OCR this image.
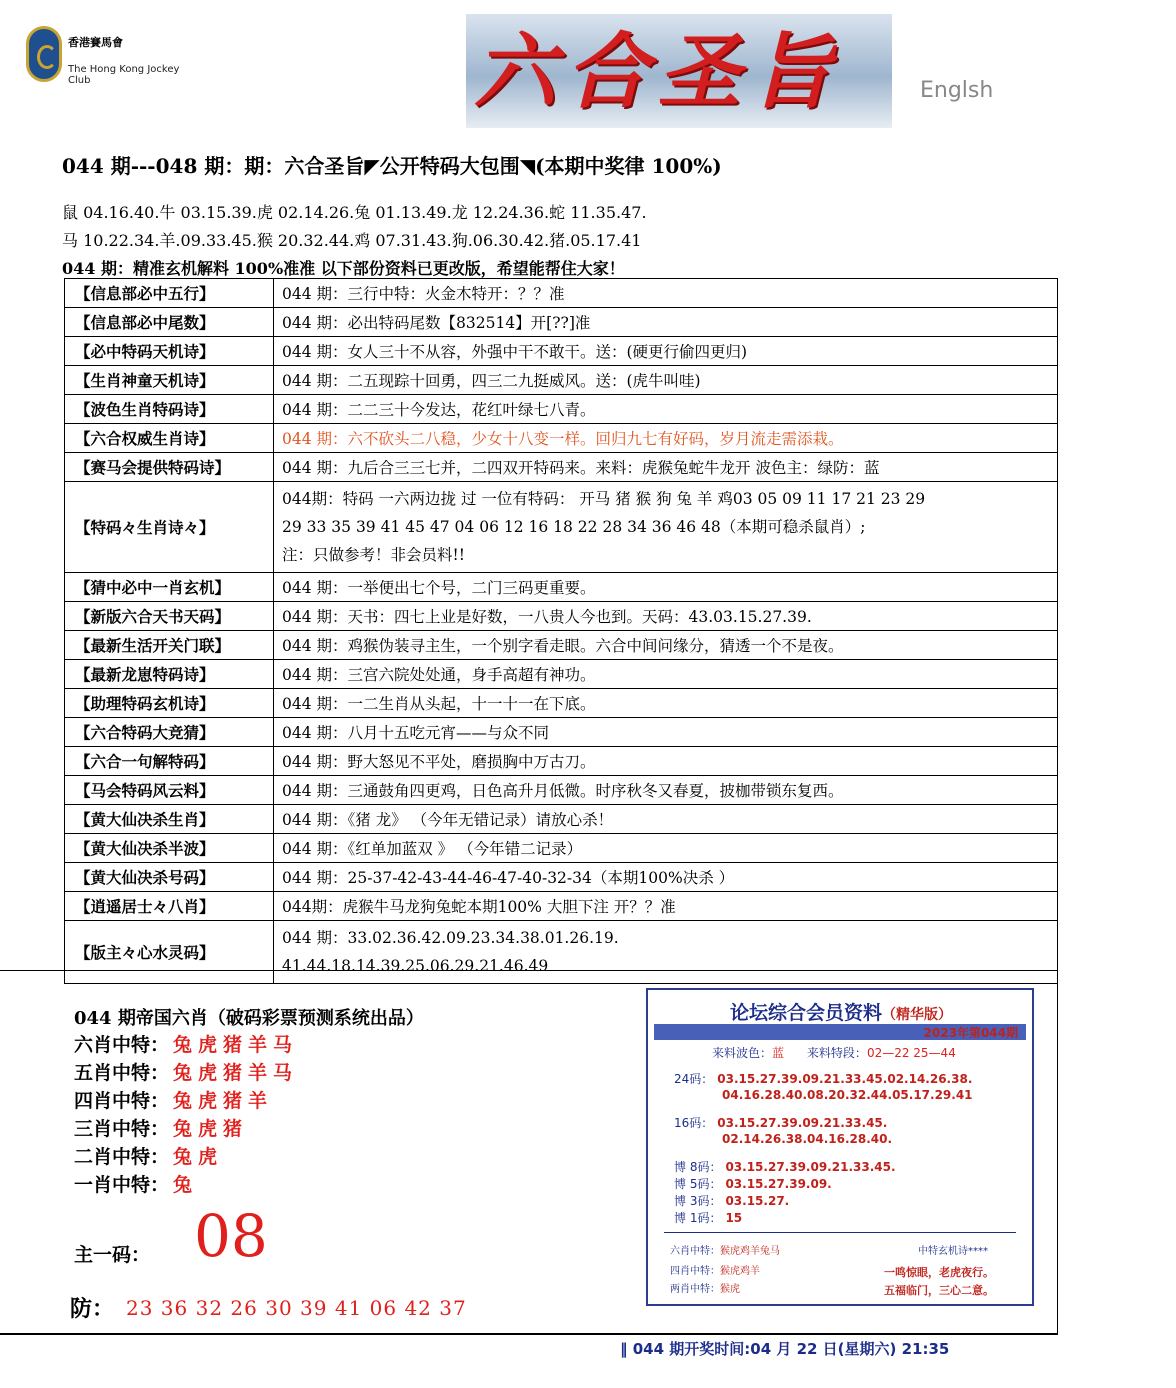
香港賽馬會
The Hong Kong Jockey Club	六合圣旨	Englsh
044 期---048 期：期：六合圣旨◤公开特码大包围◥(本期中奖律 100%)
鼠 04.16.40.牛 03.15.39.虎 02.14.26.兔 01.13.49.龙 12.24.36.蛇 11.35.47.
马 10.22.34.羊.09.33.45.猴 20.32.44.鸡 07.31.43.狗.06.30.42.猪.05.17.41
044 期：精准玄机解料 100%准准 以下部份资料已更改版，希望能帮住大家！
【信息部必中五行】	044 期：三行中特：火金木特开：？？准
【信息部必中尾数】	044 期：必出特码尾数【832514】开[??]准
【必中特码天机诗】	044 期：女人三十不从容，外强中干不敢干。送：(硬更行偷四更归)
【生肖神童天机诗】	044 期：二五现踪十回勇，四三二九挺威风。送：(虎牛叫哇)
【波色生肖特码诗】	044 期：二二三十今发达，花红叶绿七八青。
【六合权威生肖诗】	044 期：六不砍头二八稳，少女十八变一样。回归九七有好码，岁月流走需添栽。
【赛马会提供特码诗】	044 期：九后合三三七并，二四双开特码来。来料：虎猴兔蛇牛龙开 波色主：绿防：蓝
【特码々生肖诗々】	044期：特码 一六两边拢 过 一位有特码： 开马 猪 猴 狗 兔 羊 鸡03 05 09 11 17 21 23 29
29 33 35 39 41 45 47 04 06 12 16 18 22 28 34 36 46 48（本期可稳杀鼠肖）;
注：只做参考！非会员料!!

【猜中必中一肖玄机】	044 期：一举便出七个号，二门三码更重要。
【新版六合天书天码】	044 期：天书：四七上业是好数，一八贵人今也到。天码：43.03.15.27.39.
【最新生活开关门联】	044 期：鸡猴伪装寻主生，一个别字看走眼。六合中间问缘分，猜透一个不是夜。
【最新龙崽特码诗】	044 期：三宫六院处处通，身手高超有神功。
【助理特码玄机诗】	044 期：一二生肖从头起，十一十一在下底。
【六合特码大竞猜】	044 期：八月十五吃元宵——与众不同
【六合一句解特码】	044 期：野大怒见不平处，磨损胸中万古刀。
【马会特码风云料】	044 期：三通鼓角四更鸡，日色高升月低微。时序秋冬又春夏，披枷带锁东复西。
【黄大仙决杀生肖】	044 期：《猪 龙》 （今年无错记录）请放心杀！
【黄大仙决杀半波】	044 期：《红单加蓝双 》 （今年错二记录）
【黄大仙决杀号码】	044 期：25-37-42-43-44-46-47-40-32-34（本期100%决杀 ）
【逍遥居士々八肖】	044期：虎猴牛马龙狗兔蛇本期100% 大胆下注 开？？准
【版主々心水灵码】	044 期：33.02.36.42.09.23.34.38.01.26.19.
41.44.18.14.39.25.06.29.21.46.49
044 期帝国六肖（破码彩票预测系统出品）
六肖中特： 兔虎猪羊马
五肖中特： 兔虎猪羊马
四肖中特： 兔虎猪羊
三肖中特： 兔虎猪
二肖中特： 兔虎
一肖中特： 兔
主一码： 08
防： 23 36 32 26 30 39 41 06 42 37
论坛综合会员资料（精华版）
2023年第044期
来料波色：蓝 来料特段：02—22 25—44
24码： 03.15.27.39.09.21.33.45.02.14.26.38.
04.16.28.40.08.20.32.44.05.17.29.41
16码： 03.15.27.39.09.21.33.45.
02.14.26.38.04.16.28.40.
博 8码： 03.15.27.39.09.21.33.45.
博 5码： 03.15.27.39.09.
博 3码： 03.15.27.
博 1码： 15
六肖中特：猴虎鸡羊兔马
四肖中特：猴虎鸡羊
两肖中特：猴虎
中特玄机诗****
一鸣惊眼，老虎夜行。
五福临门，三心二意。
‖ 044 期开奖时间:04 月 22 日(星期六) 21:35
